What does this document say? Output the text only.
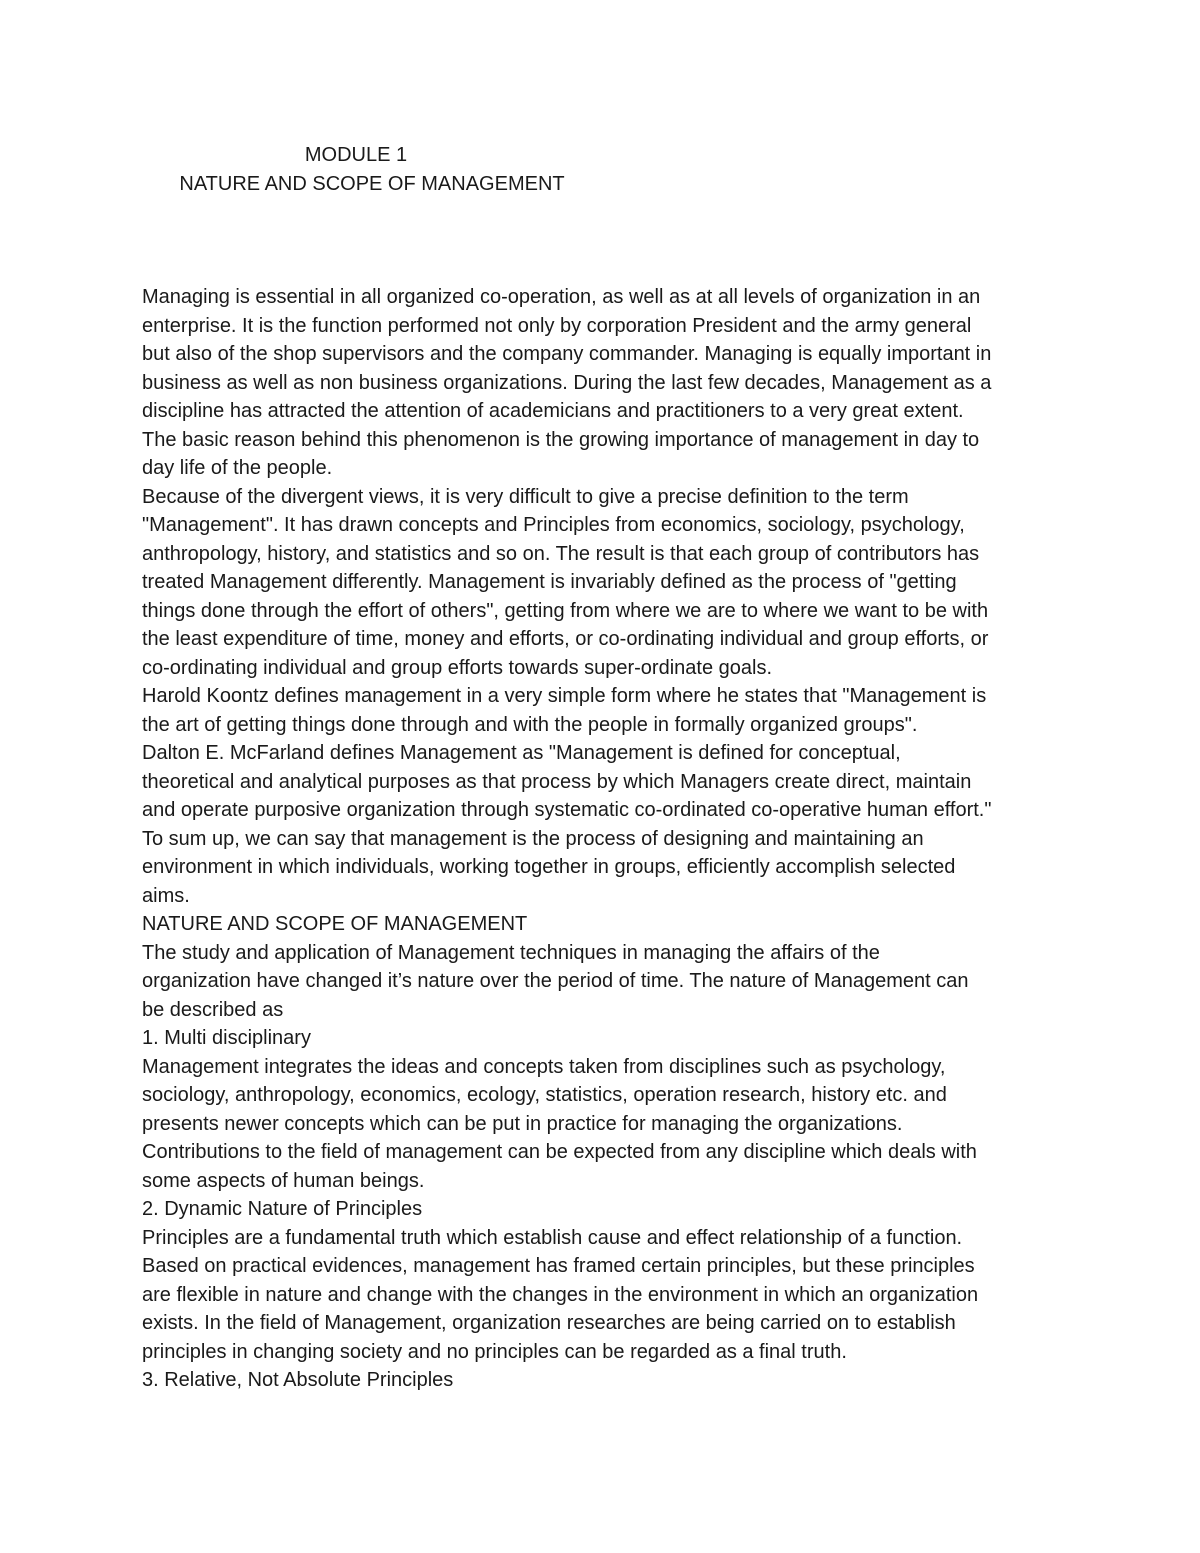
MODULE 1
NATURE AND SCOPE OF MANAGEMENT

Managing is essential in all organized co-operation, as well as at all levels of organization in an

enterprise. It is the function performed not only by corporation President and the army general

but also of the shop supervisors and the company commander. Managing is equally important in

business as well as non business organizations. During the last few decades, Management as a

discipline has attracted the attention of academicians and practitioners to a very great extent.

The basic reason behind this phenomenon is the growing importance of management in day to

day life of the people.

Because of the divergent views, it is very difficult to give a precise definition to the term

"Management". It has drawn concepts and Principles from economics, sociology, psychology,

anthropology, history, and statistics and so on. The result is that each group of contributors has

treated Management differently. Management is invariably defined as the process of "getting

things done through the effort of others", getting from where we are to where we want to be with

the least expenditure of time, money and efforts, or co-ordinating individual and group efforts, or

co-ordinating individual and group efforts towards super-ordinate goals.

Harold Koontz defines management in a very simple form where he states that "Management is

the art of getting things done through and with the people in formally organized groups".

Dalton E. McFarland defines Management as "Management is defined for conceptual,

theoretical and analytical purposes as that process by which Managers create direct, maintain

and operate purposive organization through systematic co-ordinated co-operative human effort."

To sum up, we can say that management is the process of designing and maintaining an

environment in which individuals, working together in groups, efficiently accomplish selected

aims.

NATURE AND SCOPE OF MANAGEMENT

The study and application of Management techniques in managing the affairs of the

organization have changed it’s nature over the period of time. The nature of Management can

be described as

1. Multi disciplinary

Management integrates the ideas and concepts taken from disciplines such as psychology,

sociology, anthropology, economics, ecology, statistics, operation research, history etc. and

presents newer concepts which can be put in practice for managing the organizations.

Contributions to the field of management can be expected from any discipline which deals with

some aspects of human beings.

2. Dynamic Nature of Principles

Principles are a fundamental truth which establish cause and effect relationship of a function.

Based on practical evidences, management has framed certain principles, but these principles

are flexible in nature and change with the changes in the environment in which an organization

exists. In the field of Management, organization researches are being carried on to establish

principles in changing society and no principles can be regarded as a final truth.

3. Relative, Not Absolute Principles
